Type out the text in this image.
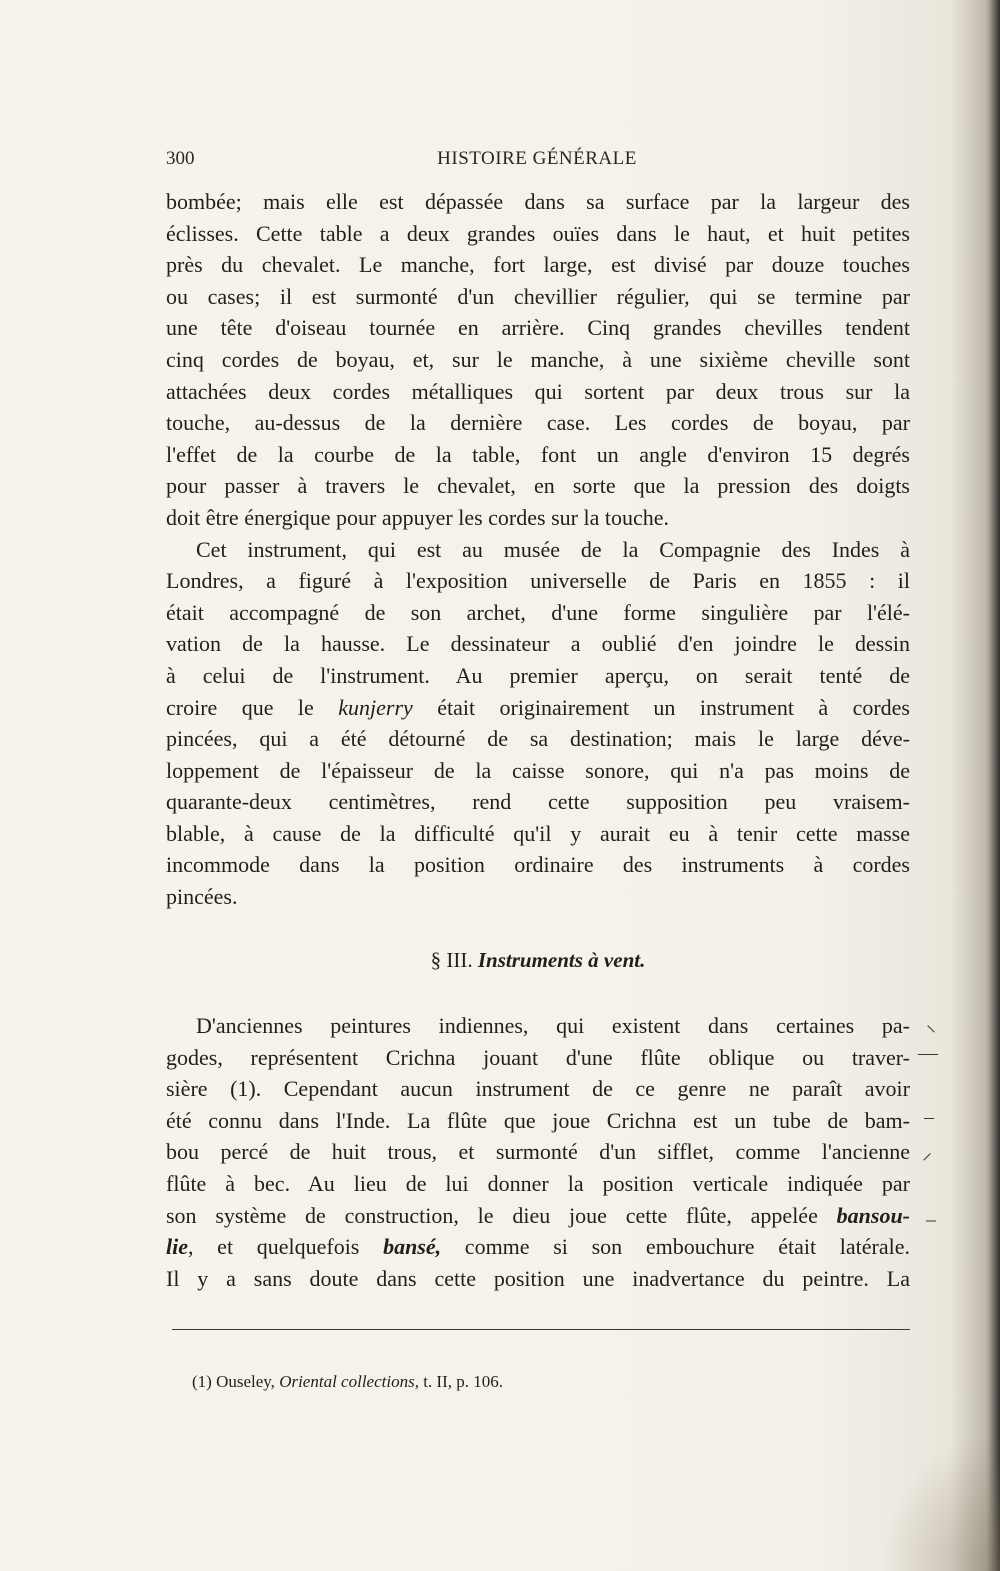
300	HISTOIRE GÉNÉRALE
bombée; mais elle est dépassée dans sa surface par la largeur des
éclisses. Cette table a deux grandes ouïes dans le haut, et huit petites
près du chevalet. Le manche, fort large, est divisé par douze touches
ou cases; il est surmonté d'un chevillier régulier, qui se termine par
une tête d'oiseau tournée en arrière. Cinq grandes chevilles tendent
cinq cordes de boyau, et, sur le manche, à une sixième cheville sont
attachées deux cordes métalliques qui sortent par deux trous sur la
touche, au-dessus de la dernière case. Les cordes de boyau, par
l'effet de la courbe de la table, font un angle d'environ 15 degrés
pour passer à travers le chevalet, en sorte que la pression des doigts
doit être énergique pour appuyer les cordes sur la touche.
Cet instrument, qui est au musée de la Compagnie des Indes à
Londres, a figuré à l'exposition universelle de Paris en 1855 : il
était accompagné de son archet, d'une forme singulière par l'élé-
vation de la hausse. Le dessinateur a oublié d'en joindre le dessin
à celui de l'instrument. Au premier aperçu, on serait tenté de
croire que le kunjerry était originairement un instrument à cordes
pincées, qui a été détourné de sa destination; mais le large déve-
loppement de l'épaisseur de la caisse sonore, qui n'a pas moins de
quarante-deux centimètres, rend cette supposition peu vraisem-
blable, à cause de la difficulté qu'il y aurait eu à tenir cette masse
incommode dans la position ordinaire des instruments à cordes
pincées.
§ III. Instruments à vent.
D'anciennes peintures indiennes, qui existent dans certaines pa-
godes, représentent Crichna jouant d'une flûte oblique ou traver-
sière (1). Cependant aucun instrument de ce genre ne paraît avoir
été connu dans l'Inde. La flûte que joue Crichna est un tube de bam-
bou percé de huit trous, et surmonté d'un sifflet, comme l'ancienne
flûte à bec. Au lieu de lui donner la position verticale indiquée par
son système de construction, le dieu joue cette flûte, appelée bansou-
lie, et quelquefois bansé, comme si son embouchure était latérale.
Il y a sans doute dans cette position une inadvertance du peintre. La
(1) Ouseley, Oriental collections, t. II, p. 106.
⸜
—
–
⸝
_
